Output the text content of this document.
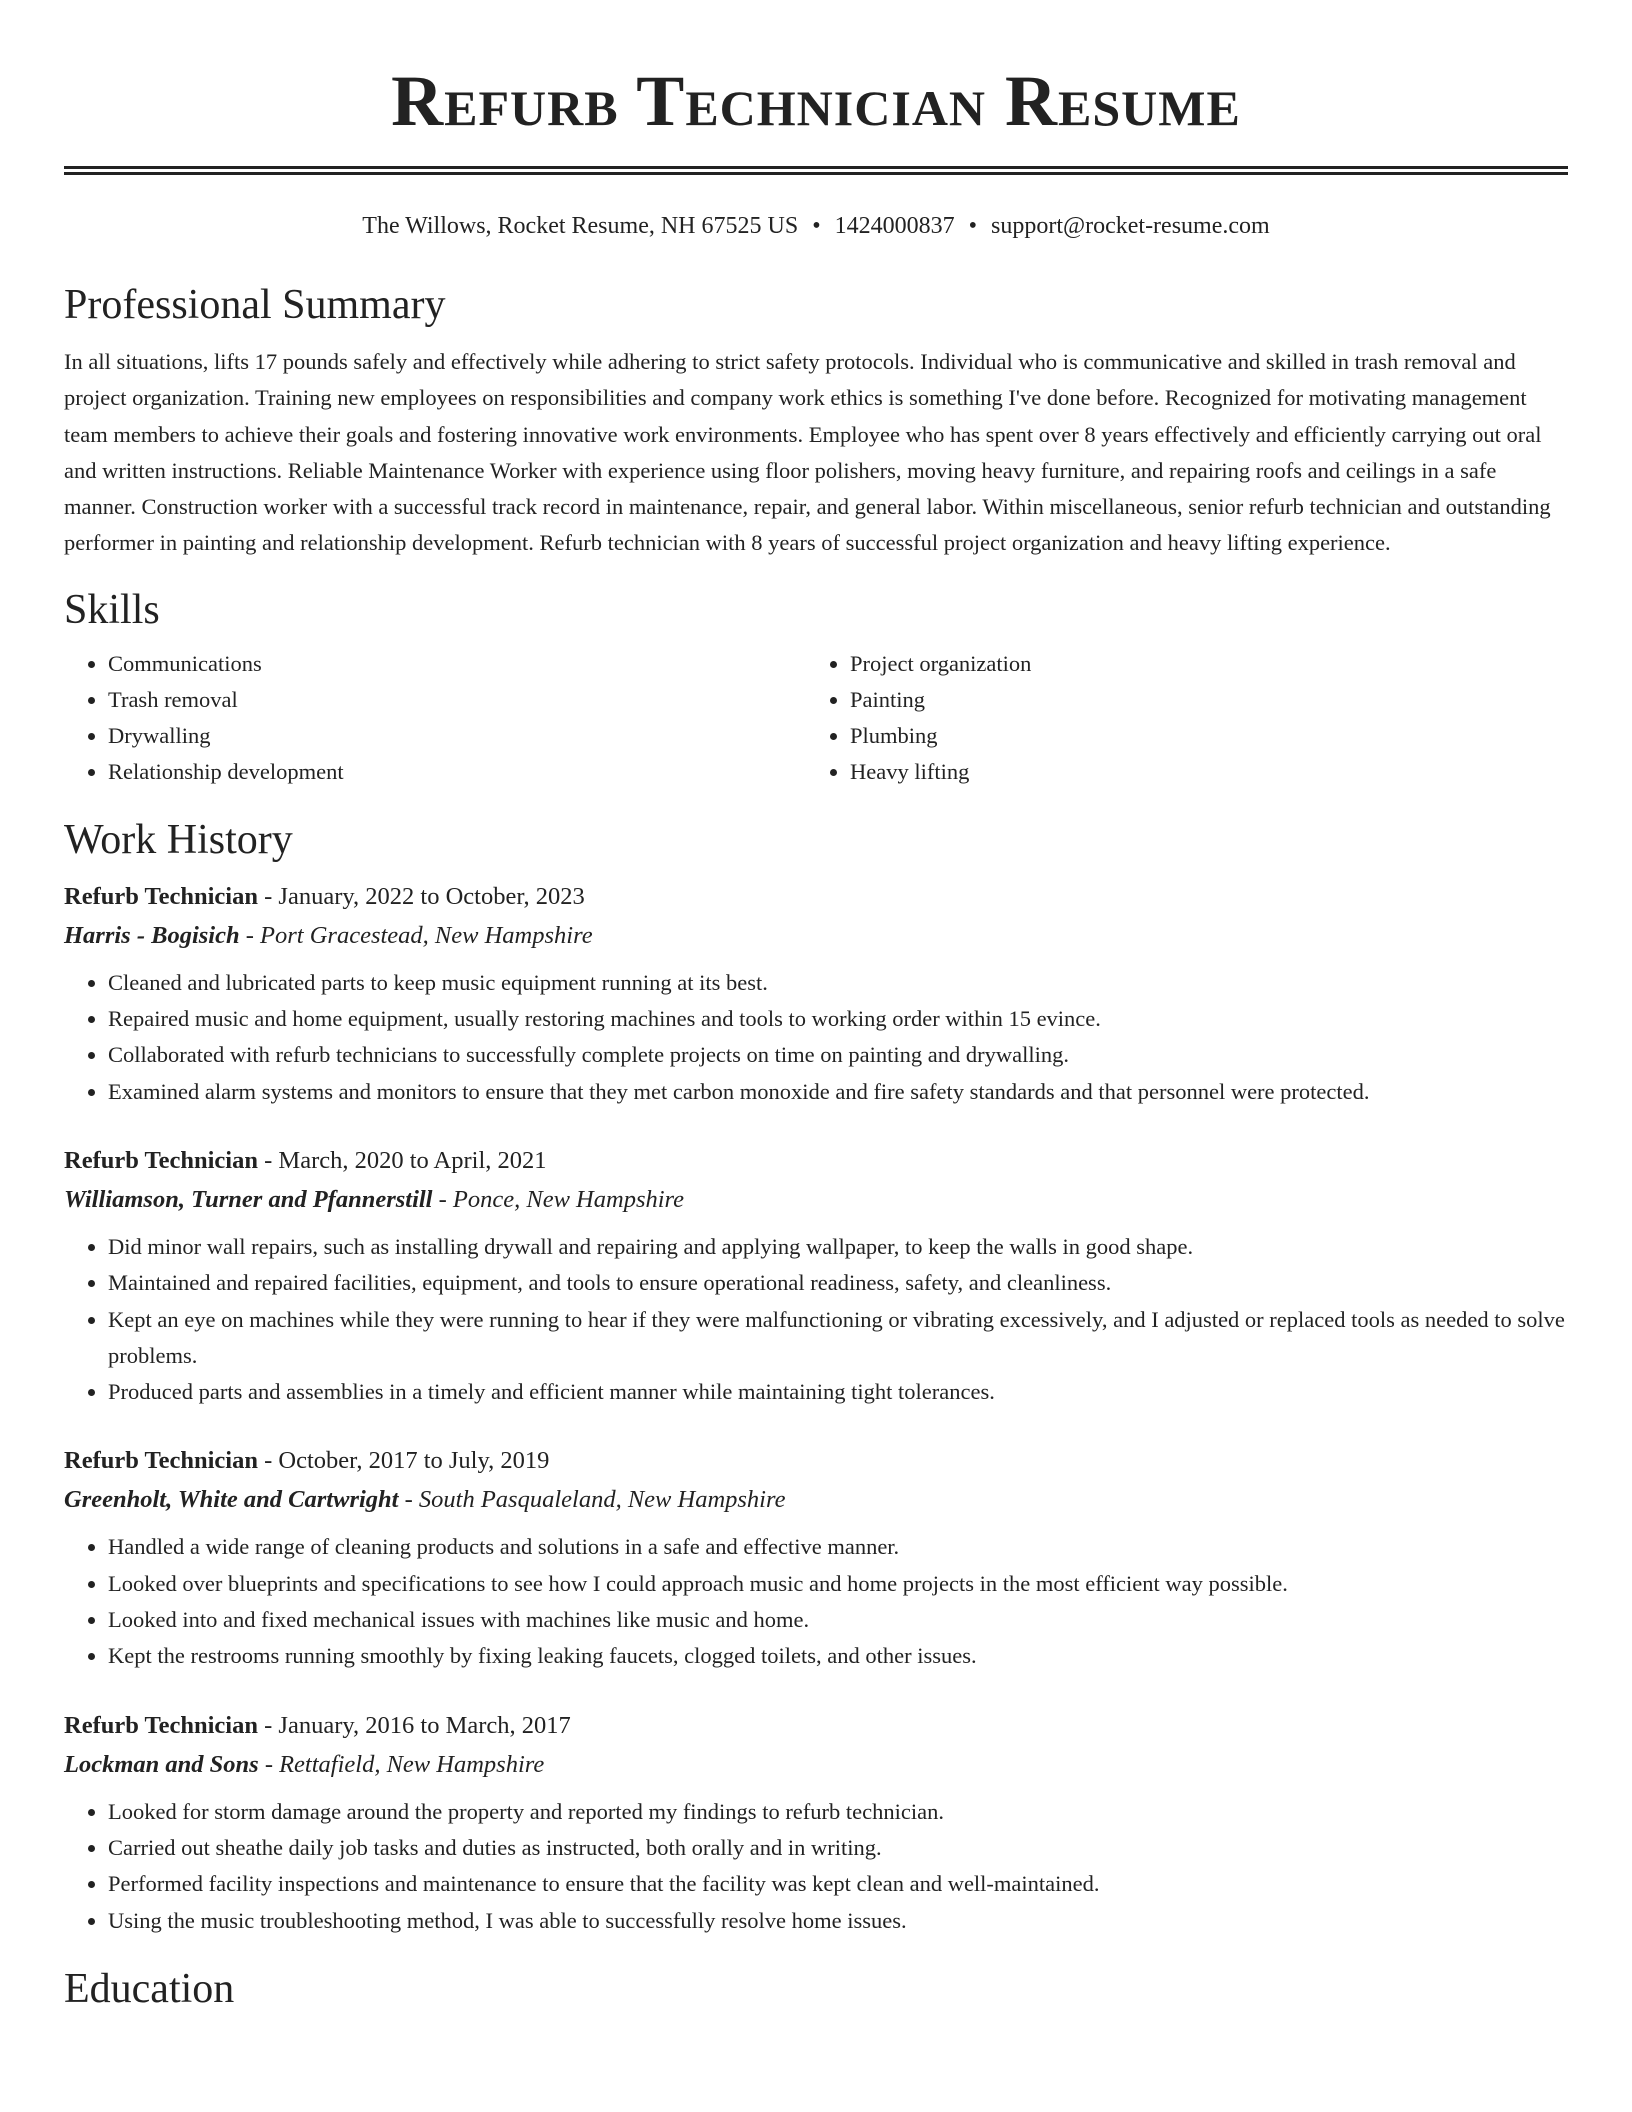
Refurb Technician Resume
The Willows, Rocket Resume, NH 67525 US • 1424000837 • support@rocket-resume.com
Professional Summary
In all situations, lifts 17 pounds safely and effectively while adhering to strict safety protocols. Individual who is communicative and skilled in trash removal and project organization. Training new employees on responsibilities and company work ethics is something I've done before. Recognized for motivating management team members to achieve their goals and fostering innovative work environments. Employee who has spent over 8 years effectively and efficiently carrying out oral and written instructions. Reliable Maintenance Worker with experience using floor polishers, moving heavy furniture, and repairing roofs and ceilings in a safe manner. Construction worker with a successful track record in maintenance, repair, and general labor. Within miscellaneous, senior refurb technician and outstanding performer in painting and relationship development. Refurb technician with 8 years of successful project organization and heavy lifting experience.
Skills
• Communications
• Trash removal
• Drywalling
• Relationship development
• Project organization
• Painting
• Plumbing
• Heavy lifting
Work History
Refurb Technician - January, 2022 to October, 2023
Harris - Bogisich - Port Gracestead, New Hampshire
• Cleaned and lubricated parts to keep music equipment running at its best.
• Repaired music and home equipment, usually restoring machines and tools to working order within 15 evince.
• Collaborated with refurb technicians to successfully complete projects on time on painting and drywalling.
• Examined alarm systems and monitors to ensure that they met carbon monoxide and fire safety standards and that personnel were protected.
Refurb Technician - March, 2020 to April, 2021
Williamson, Turner and Pfannerstill - Ponce, New Hampshire
• Did minor wall repairs, such as installing drywall and repairing and applying wallpaper, to keep the walls in good shape.
• Maintained and repaired facilities, equipment, and tools to ensure operational readiness, safety, and cleanliness.
• Kept an eye on machines while they were running to hear if they were malfunctioning or vibrating excessively, and I adjusted or replaced tools as needed to solve problems.
• Produced parts and assemblies in a timely and efficient manner while maintaining tight tolerances.
Refurb Technician - October, 2017 to July, 2019
Greenholt, White and Cartwright - South Pasqualeland, New Hampshire
• Handled a wide range of cleaning products and solutions in a safe and effective manner.
• Looked over blueprints and specifications to see how I could approach music and home projects in the most efficient way possible.
• Looked into and fixed mechanical issues with machines like music and home.
• Kept the restrooms running smoothly by fixing leaking faucets, clogged toilets, and other issues.
Refurb Technician - January, 2016 to March, 2017
Lockman and Sons - Rettafield, New Hampshire
• Looked for storm damage around the property and reported my findings to refurb technician.
• Carried out sheathe daily job tasks and duties as instructed, both orally and in writing.
• Performed facility inspections and maintenance to ensure that the facility was kept clean and well-maintained.
• Using the music troubleshooting method, I was able to successfully resolve home issues.
Education
